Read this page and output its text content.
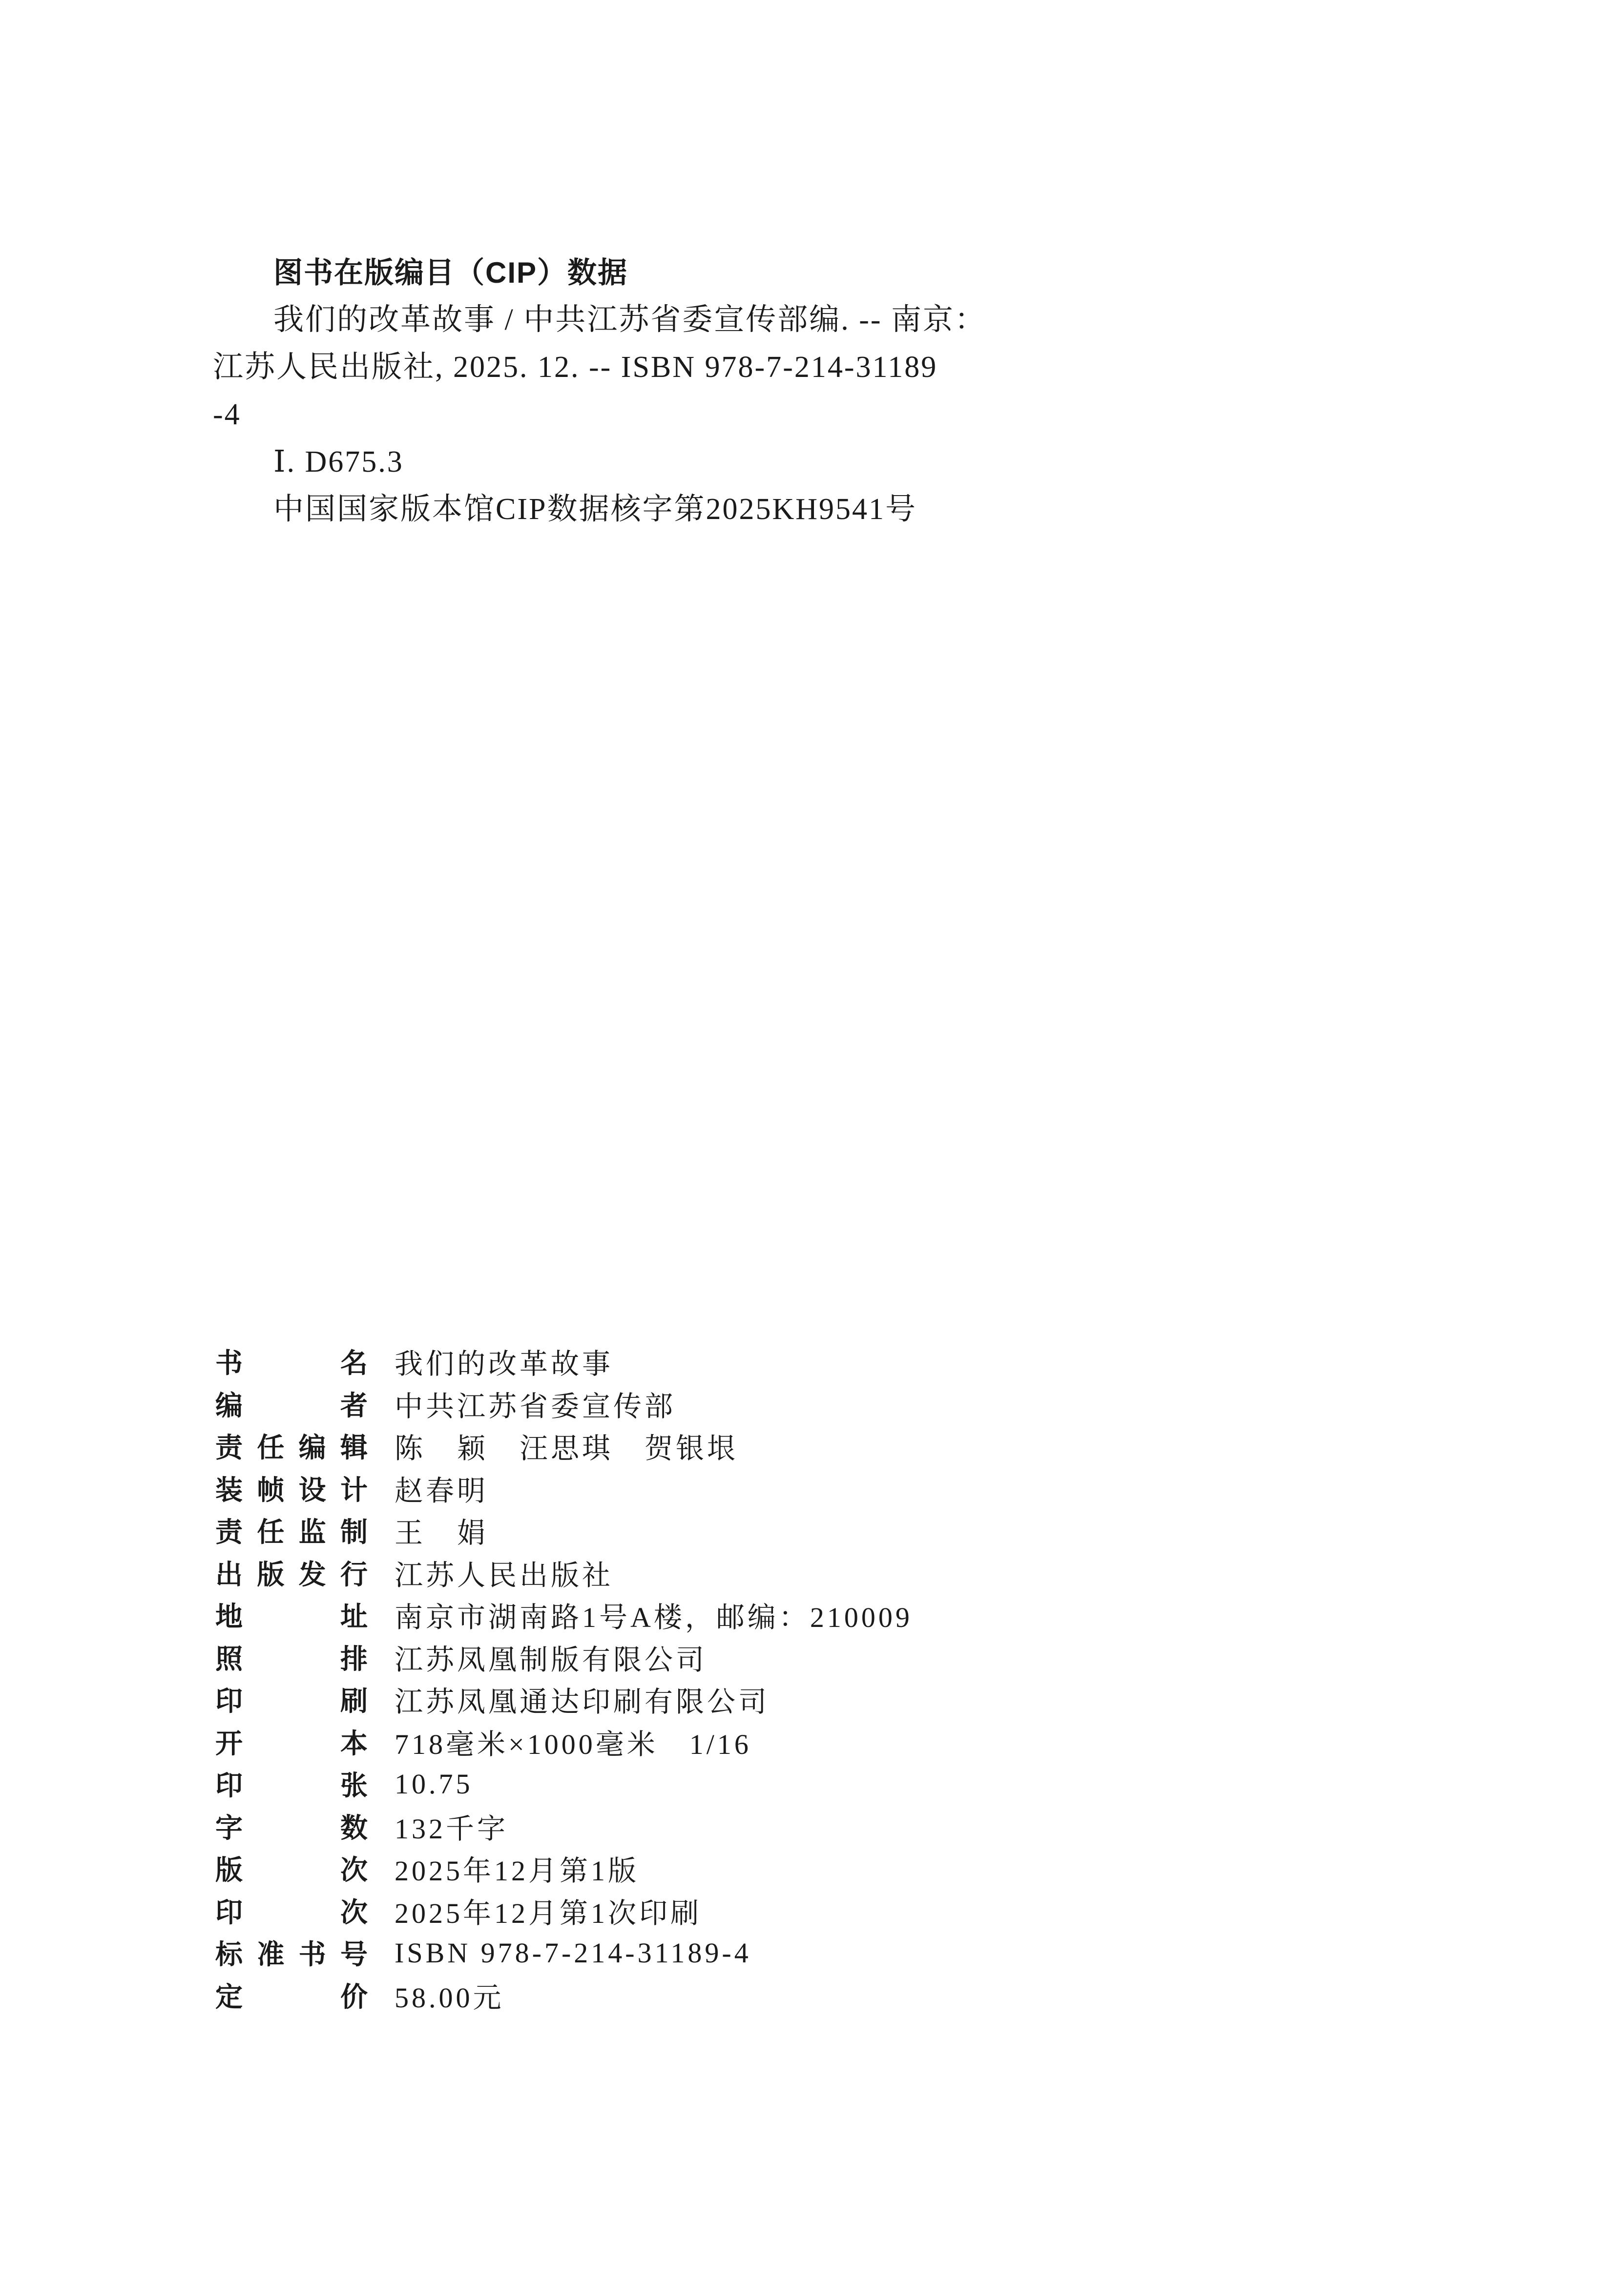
图书在版编目（CIP）数据
我们的改革故事 / 中共江苏省委宣传部编. -- 南京：
江苏人民出版社, 2025. 12. -- ISBN 978-7-214-31189
-4
Ⅰ. D675.3
中国国家版本馆CIP数据核字第2025KH9541号
书	名 我们的改革故事
编	者 中共江苏省委宣传部
责 任 编 辑 陈　颖　汪思琪　贺银垠
装 帧 设 计 赵春明
责 任 监 制 王　娟
出 版 发 行 江苏人民出版社
地	址 南京市湖南路1号A楼，邮编：210009
照	排 江苏凤凰制版有限公司
印	刷 江苏凤凰通达印刷有限公司
开	本 718毫米×1000毫米　1/16
印	张 10.75
字	数 132千字
版	次 2025年12月第1版
印	次 2025年12月第1次印刷
标 准 书 号 ISBN 978-7-214-31189-4
定	价 58.00元
